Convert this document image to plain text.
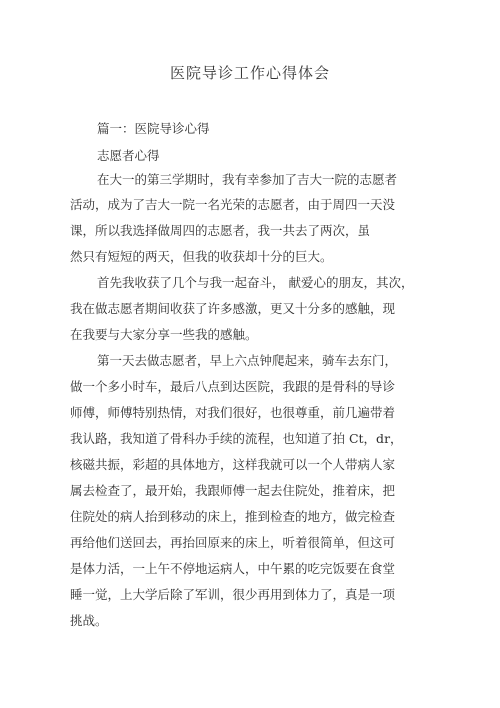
医院导诊工作心得体会
篇一：医院导诊心得
志愿者心得
在大一的第三学期时，我有幸参加了吉大一院的志愿者
活动，成为了吉大一院一名光荣的志愿者，由于周四一天没
课，所以我选择做周四的志愿者，我一共去了两次，虽
然只有短短的两天，但我的收获却十分的巨大。
首先我收获了几个与我一起奋斗， 献爱心的朋友，其次，
我在做志愿者期间收获了许多感激，更又十分多的感触，现
在我要与大家分享一些我的感触。
第一天去做志愿者，早上六点钟爬起来，骑车去东门，
做一个多小时车，最后八点到达医院，我跟的是骨科的导诊
师傅，师傅特别热情，对我们很好，也很尊重，前几遍带着
我认路，我知道了骨科办手续的流程，也知道了拍 Ct，dr，
核磁共振，彩超的具体地方，这样我就可以一个人带病人家
属去检查了，最开始，我跟师傅一起去住院处，推着床，把
住院处的病人抬到移动的床上，推到检查的地方，做完检查
再给他们送回去，再抬回原来的床上，听着很简单，但这可
是体力活，一上午不停地运病人，中午累的吃完饭要在食堂
睡一觉，上大学后除了军训，很少再用到体力了，真是一项
挑战。
